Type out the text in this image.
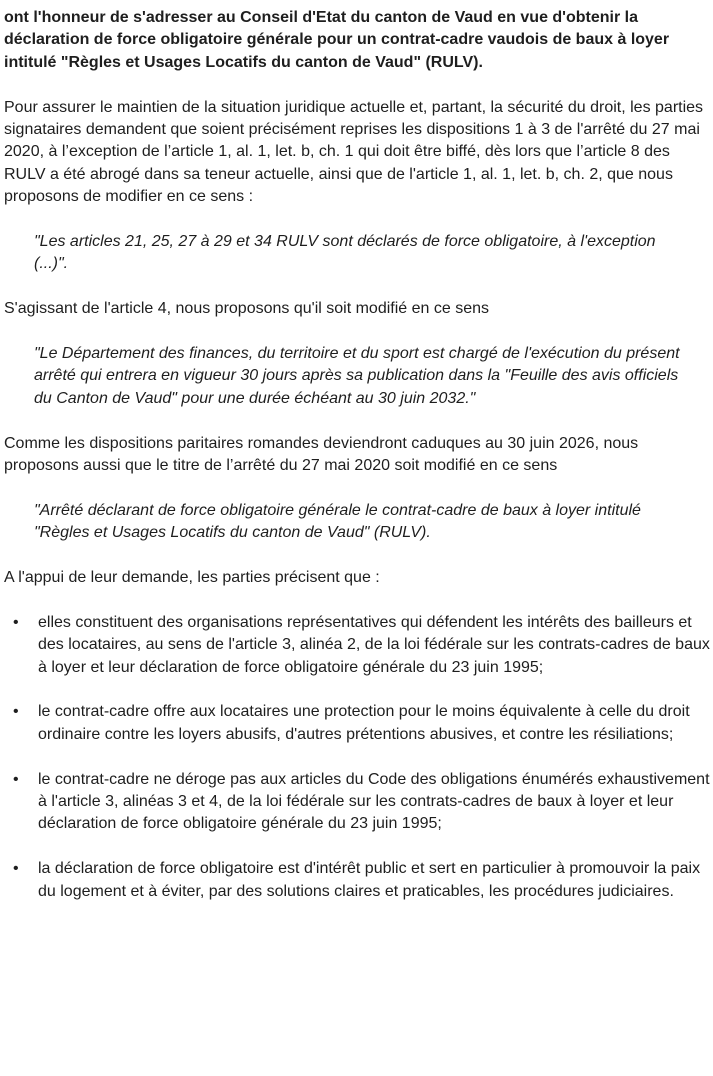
ont l'honneur de s'adresser au Conseil d'Etat du canton de Vaud en vue d'obtenir la déclaration de force obligatoire générale pour un contrat-cadre vaudois de baux à loyer intitulé "Règles et Usages Locatifs du canton de Vaud" (RULV).

Pour assurer le maintien de la situation juridique actuelle et, partant, la sécurité du droit, les parties signataires demandent que soient précisément reprises les dispositions 1 à 3 de l'arrêté du 27 mai 2020, à l’exception de l’article 1, al. 1, let. b, ch. 1 qui doit être biffé, dès lors que l’article 8 des RULV a été abrogé dans sa teneur actuelle, ainsi que de l'article 1, al. 1, let. b, ch. 2, que nous proposons de modifier en ce sens :

"Les articles 21, 25, 27 à 29 et 34 RULV sont déclarés de force obligatoire, à l'exception (...)".

S'agissant de l'article 4, nous proposons qu'il soit modifié en ce sens

"Le Département des finances, du territoire et du sport est chargé de l'exécution du présent arrêté qui entrera en vigueur 30 jours après sa publication dans la "Feuille des avis officiels du Canton de Vaud" pour une durée échéant au 30 juin 2032."

Comme les dispositions paritaires romandes deviendront caduques au 30 juin 2026, nous proposons aussi que le titre de l’arrêté du 27 mai 2020 soit modifié en ce sens

"Arrêté déclarant de force obligatoire générale le contrat-cadre de baux à loyer intitulé "Règles et Usages Locatifs du canton de Vaud" (RULV).

A l'appui de leur demande, les parties précisent que :

• elles constituent des organisations représentatives qui défendent les intérêts des bailleurs et des locataires, au sens de l'article 3, alinéa 2, de la loi fédérale sur les contrats-cadres de baux à loyer et leur déclaration de force obligatoire générale du 23 juin 1995;
• le contrat-cadre offre aux locataires une protection pour le moins équivalente à celle du droit ordinaire contre les loyers abusifs, d'autres prétentions abusives, et contre les résiliations;
• le contrat-cadre ne déroge pas aux articles du Code des obligations énumérés exhaustivement à l'article 3, alinéas 3 et 4, de la loi fédérale sur les contrats-cadres de baux à loyer et leur déclaration de force obligatoire générale du 23 juin 1995;
• la déclaration de force obligatoire est d'intérêt public et sert en particulier à promouvoir la paix du logement et à éviter, par des solutions claires et praticables, les procédures judiciaires.
